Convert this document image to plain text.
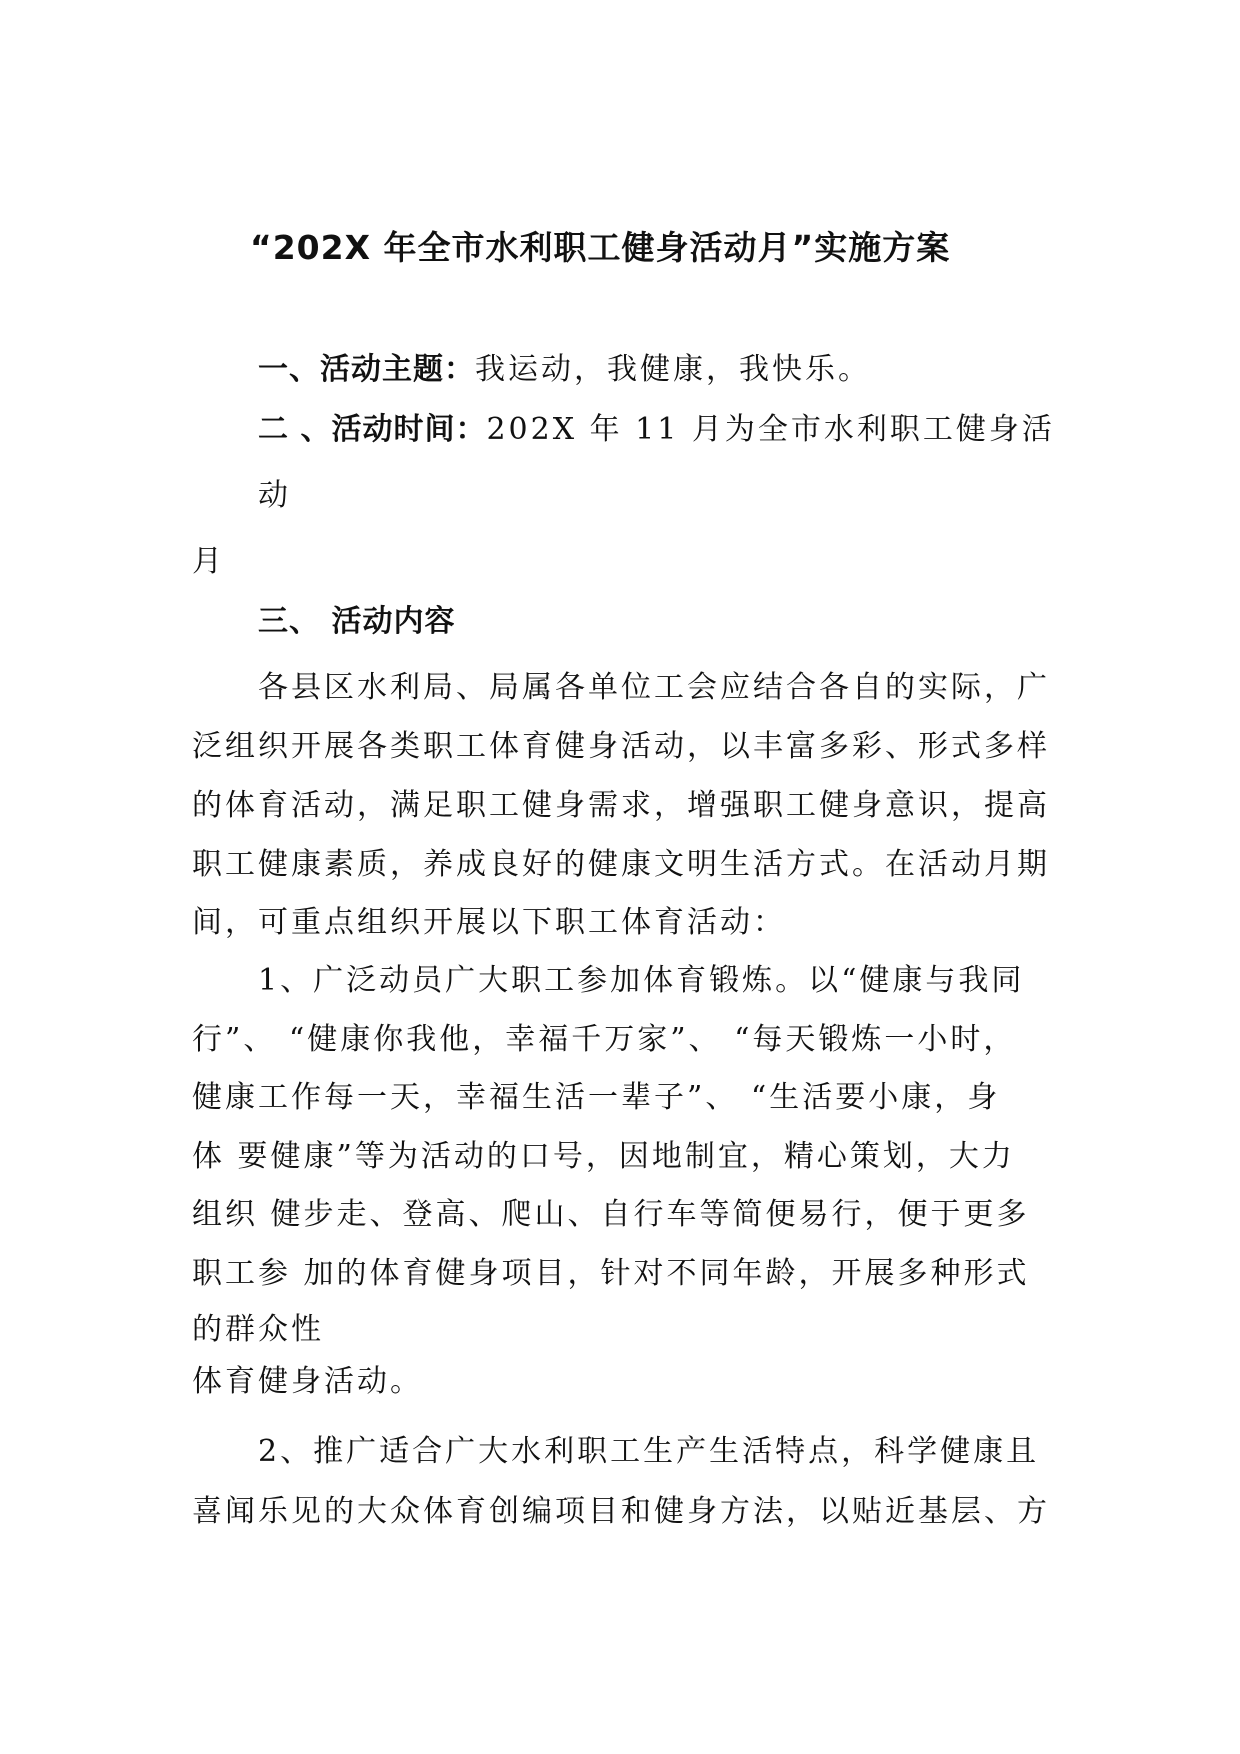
“202X 年全市水利职工健身活动月”实施方案
一、活动主题：我运动，我健康，我快乐。
二 、活动时间：202X 年 11 月为全市水利职工健身活
动
月
三、 活动内容
各县区水利局、局属各单位工会应结合各自的实际，广
泛组织开展各类职工体育健身活动，以丰富多彩、形式多样
的体育活动，满足职工健身需求，增强职工健身意识，提高
职工健康素质，养成良好的健康文明生活方式。在活动月期
间，可重点组织开展以下职工体育活动：
1、广泛动员广大职工参加体育锻炼。以“健康与我同
行”、 “健康你我他，幸福千万家”、 “每天锻炼一小时，
健康工作每一天，幸福生活一辈子”、 “生活要小康，身
体 要健康”等为活动的口号，因地制宜，精心策划，大力
组织 健步走、登高、爬山、自行车等简便易行，便于更多
职工参 加的体育健身项目，针对不同年龄，开展多种形式
的群众性
体育健身活动。
2、推广适合广大水利职工生产生活特点，科学健康且
喜闻乐见的大众体育创编项目和健身方法，以贴近基层、方
